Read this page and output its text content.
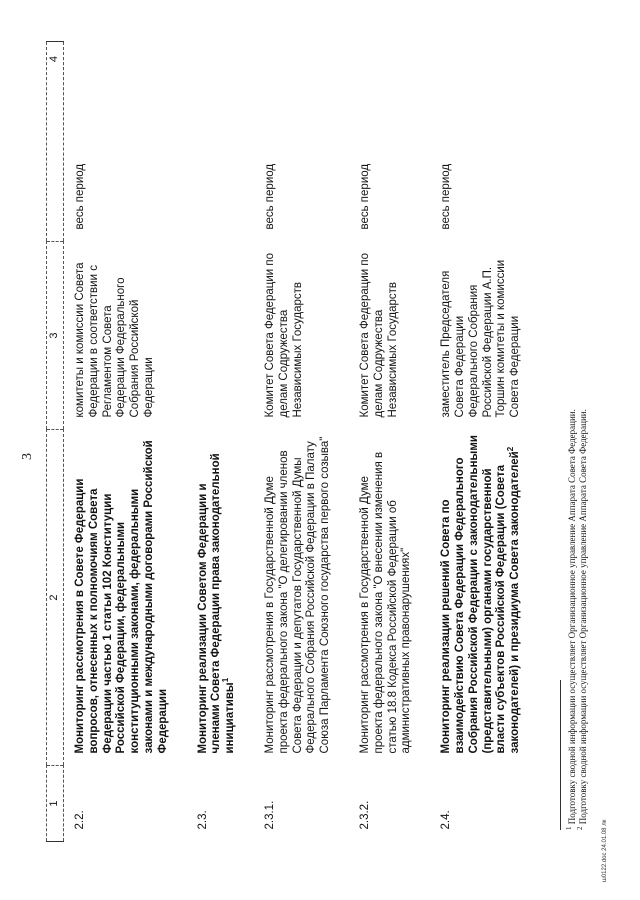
3
1	2	3	4
2.2.	Мониторинг рассмотрения в Совете Федерации вопросов, отнесенных к полномочиям Совета Федерации частью 1 статьи 102 Конституции Российской Федерации, федеральными конституционными законами, федеральными законами и международными договорами Российской Федерации	комитеты и комиссии Совета Федерации в соответствии с Регламентом Совета Федерации Федерального Собрания Российской Федерации	весь период
2.3.	Мониторинг реализации Советом Федерации и членами Совета Федерации права законодательной инициативы$^1$		
2.3.1.	Мониторинг рассмотрения в Государственной Думе проекта федерального закона "О делегировании членов Совета Федерации и депутатов Государственной Думы Федерального Собрания Российской Федерации в Палату Союза Парламента Союзного государства первого созыва"	Комитет Совета Федерации по делам Содружества Независимых Государств	весь период
2.3.2.	Мониторинг рассмотрения в Государственной Думе проекта федерального закона "О внесении изменения в статью 18.8 Кодекса Российской Федерации об административных правонарушениях"	Комитет Совета Федерации по делам Содружества Независимых Государств	весь период
2.4.	Мониторинг реализации решений Совета по взаимодействию Совета Федерации Федерального Собрания Российской Федерации с законодательными (представительными) органами государственной власти субъектов Российской Федерации (Совета законодателей) и президиума Совета законодателей$^2$	заместитель Председателя Совета Федерации Федерального Собрания Российской Федерации А.П. Торшин комитеты и комиссии Совета Федерации	весь период
$^1$ Подготовку сводной информации осуществляет Организационное управление Аппарата Совета Федерации.
$^2$ Подготовку сводной информации осуществляет Организационное управление Аппарата Совета Федерации.
ш0122.doc 24.01.08 лк
